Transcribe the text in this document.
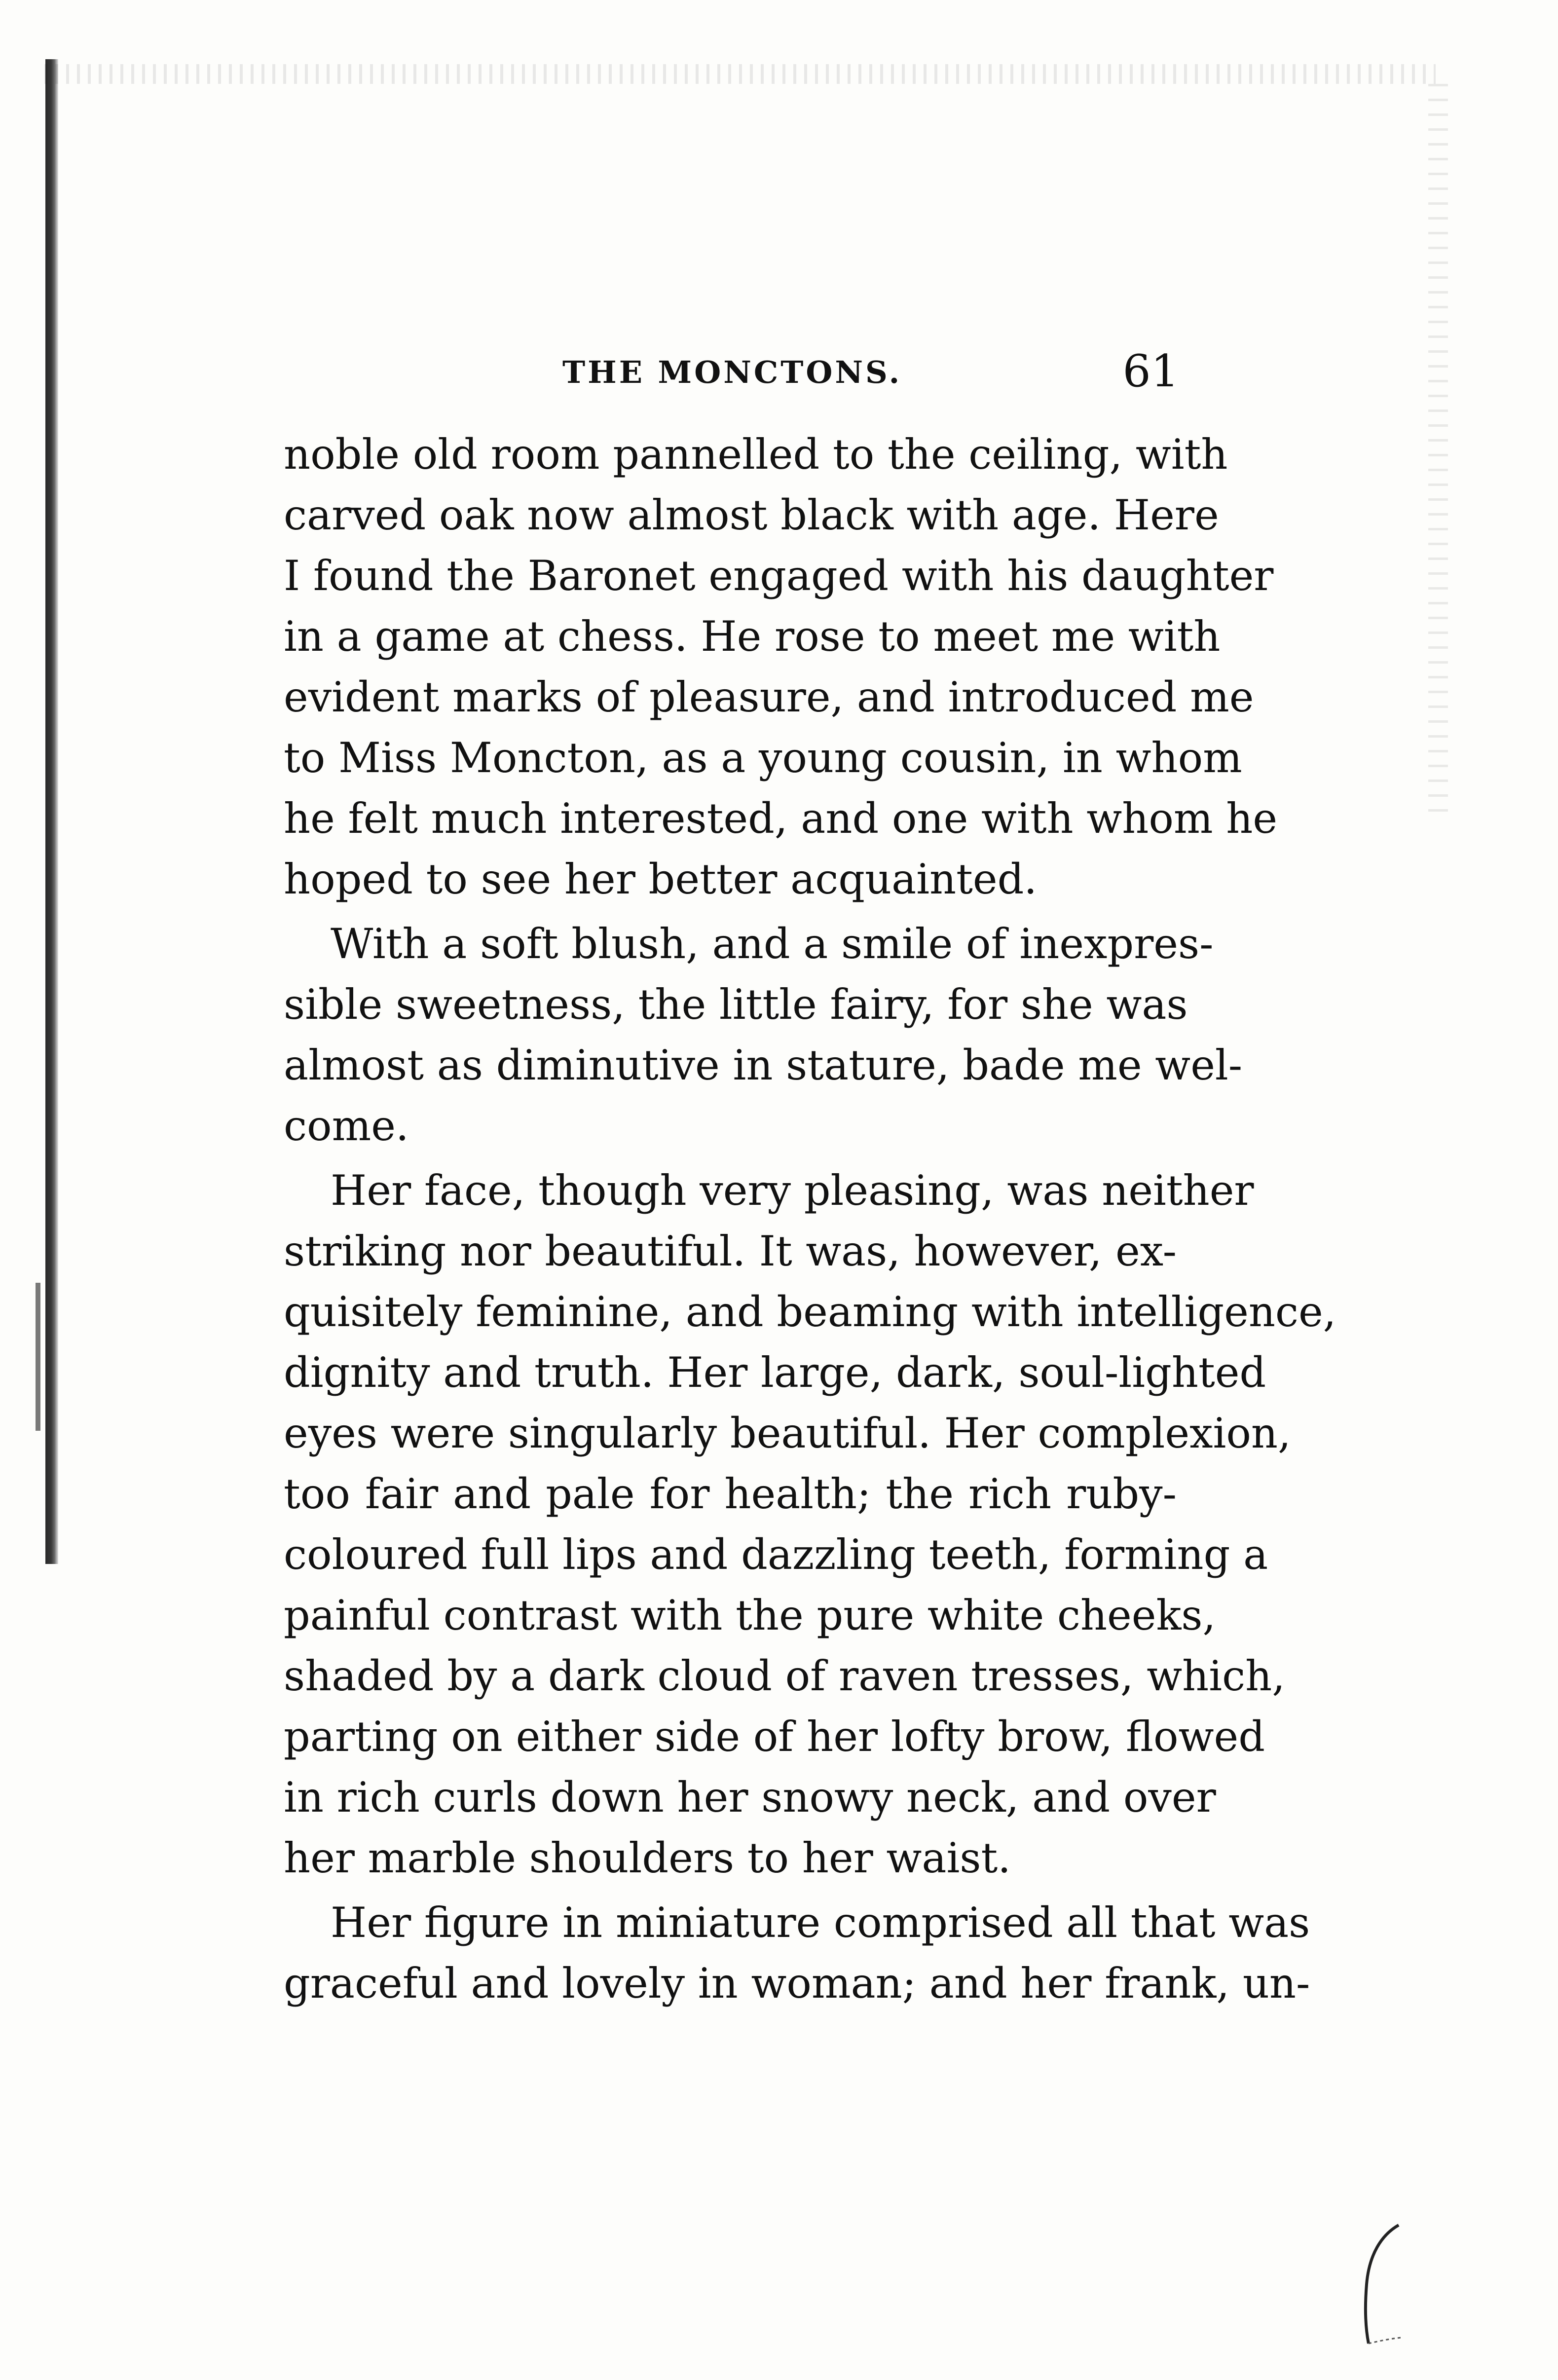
THE MONCTONS.	61
noble old room pannelled to the ceiling, with
carved oak now almost black with age. Here
I found the Baronet engaged with his daughter
in a game at chess. He rose to meet me with
evident marks of pleasure, and introduced me
to Miss Moncton, as a young cousin, in whom
he felt much interested, and one with whom he
hoped to see her better acquainted.
With a soft blush, and a smile of inexpres-
sible sweetness, the little fairy, for she was
almost as diminutive in stature, bade me wel-
come.
Her face, though very pleasing, was neither
striking nor beautiful. It was, however, ex-
quisitely feminine, and beaming with intelligence,
dignity and truth. Her large, dark, soul-lighted
eyes were singularly beautiful. Her complexion,
too fair and pale for health; the rich ruby-
coloured full lips and dazzling teeth, forming a
painful contrast with the pure white cheeks,
shaded by a dark cloud of raven tresses, which,
parting on either side of her lofty brow, flowed
in rich curls down her snowy neck, and over
her marble shoulders to her waist.
Her figure in miniature comprised all that was
graceful and lovely in woman; and her frank, un-
